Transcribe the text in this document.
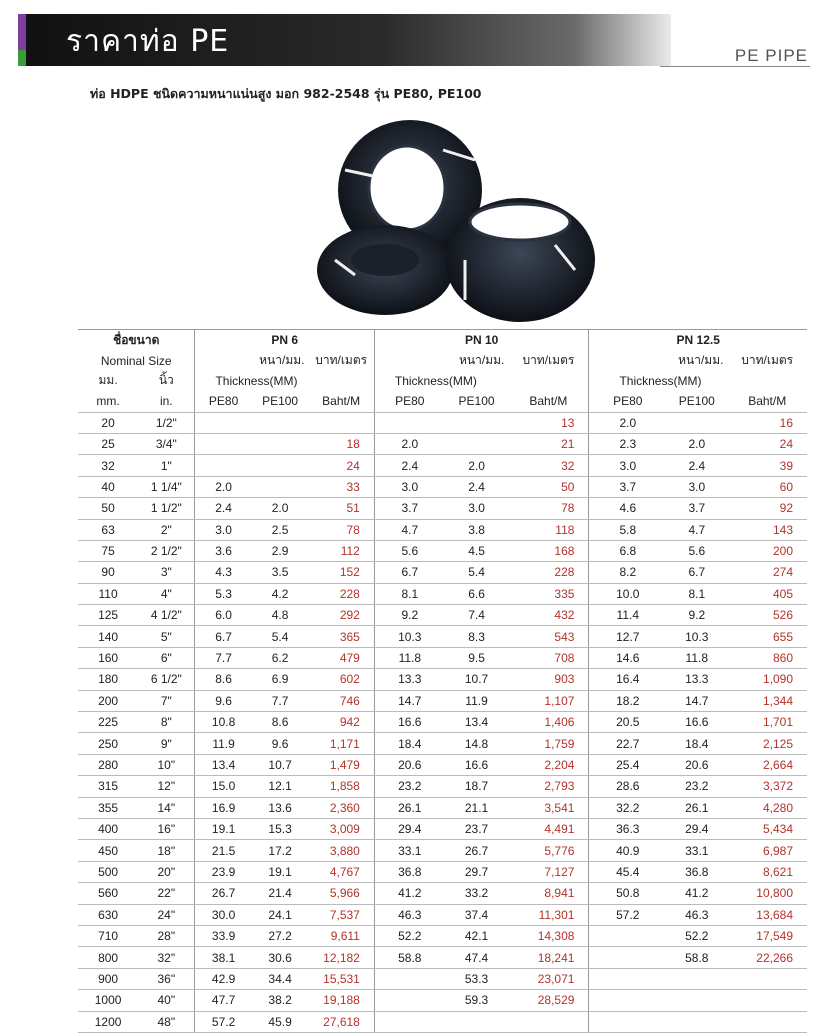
ราคาท่อ PE	PE PIPE
ท่อ HDPE ชนิดความหนาแน่นสูง มอก 982-2548 รุ่น PE80, PE100
ชื่อขนาด		PN 6			PN 10			PN 12.5		
Nominal Size		หนา/มม.		บาท/เมตร	หนา/มม.		บาท/เมตร	หนา/มม.		บาท/เมตร
มม.	นิ้ว	Thickness(MM)			Thickness(MM)			Thickness(MM)		
mm.	in.	PE80	PE100	Baht/M	PE80	PE100	Baht/M	PE80	PE100	Baht/M
20	1/2"						13	2.0		16
25	3/4"			18	2.0		21	2.3	2.0	24
32	1"			24	2.4	2.0	32	3.0	2.4	39
40	1 1/4"	2.0		33	3.0	2.4	50	3.7	3.0	60
50	1 1/2"	2.4	2.0	51	3.7	3.0	78	4.6	3.7	92
63	2"	3.0	2.5	78	4.7	3.8	118	5.8	4.7	143
75	2 1/2"	3.6	2.9	112	5.6	4.5	168	6.8	5.6	200
90	3"	4.3	3.5	152	6.7	5.4	228	8.2	6.7	274
110	4"	5.3	4.2	228	8.1	6.6	335	10.0	8.1	405
125	4 1/2"	6.0	4.8	292	9.2	7.4	432	11.4	9.2	526
140	5"	6.7	5.4	365	10.3	8.3	543	12.7	10.3	655
160	6"	7.7	6.2	479	11.8	9.5	708	14.6	11.8	860
180	6 1/2"	8.6	6.9	602	13.3	10.7	903	16.4	13.3	1,090
200	7"	9.6	7.7	746	14.7	11.9	1,107	18.2	14.7	1,344
225	8"	10.8	8.6	942	16.6	13.4	1,406	20.5	16.6	1,701
250	9"	11.9	9.6	1,171	18.4	14.8	1,759	22.7	18.4	2,125
280	10"	13.4	10.7	1,479	20.6	16.6	2,204	25.4	20.6	2,664
315	12"	15.0	12.1	1,858	23.2	18.7	2,793	28.6	23.2	3,372
355	14"	16.9	13.6	2,360	26.1	21.1	3,541	32.2	26.1	4,280
400	16"	19.1	15.3	3,009	29.4	23.7	4,491	36.3	29.4	5,434
450	18"	21.5	17.2	3,880	33.1	26.7	5,776	40.9	33.1	6,987
500	20"	23.9	19.1	4,767	36.8	29.7	7,127	45.4	36.8	8,621
560	22"	26.7	21.4	5,966	41.2	33.2	8,941	50.8	41.2	10,800
630	24"	30.0	24.1	7,537	46.3	37.4	11,301	57.2	46.3	13,684
710	28"	33.9	27.2	9,611	52.2	42.1	14,308		52.2	17,549
800	32"	38.1	30.6	12,182	58.8	47.4	18,241		58.8	22,266
900	36"	42.9	34.4	15,531		53.3	23,071			
1000	40"	47.7	38.2	19,188		59.3	28,529			
1200	48"	57.2	45.9	27,618						
